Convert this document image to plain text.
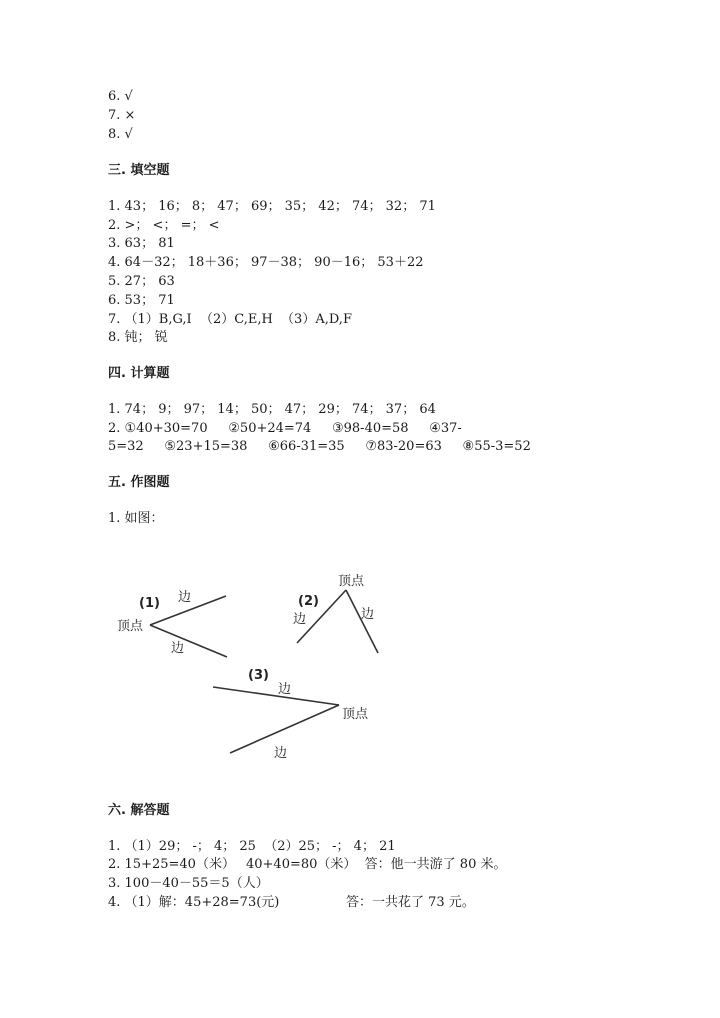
6. √
7. ×
8. √
三. 填空题
1. 43； 16； 8； 47； 69； 35； 42； 74； 32； 71
2. >； <； =； <
3. 63； 81
4. 64－32； 18＋36； 97－38； 90－16； 53＋22
5. 27； 63
6. 53； 71
7. （1）B,G,I  （2）C,E,H  （3）A,D,F
8. 钝； 锐
四. 计算题
1. 74； 9； 97； 14； 50； 47； 29； 74； 37； 64
2. ①40+30=70     ②50+24=74     ③98-40=58     ④37-
5=32     ⑤23+15=38     ⑥66-31=35     ⑦83-20=63     ⑧55-3=52
五. 作图题
1. 如图：
(1)
顶点
边
边
(2)
顶点
边	边
(3)
顶点
边
边
六. 解答题
1. （1）29； -； 4； 25  （2）25； -； 4； 21
2. 15+25=40（米） 40+40=80（米）  答：他一共游了 80 米。
3. 100－40－55＝5（人）
4. （1）解：45+28=73(元)	答：一共花了 73 元。
